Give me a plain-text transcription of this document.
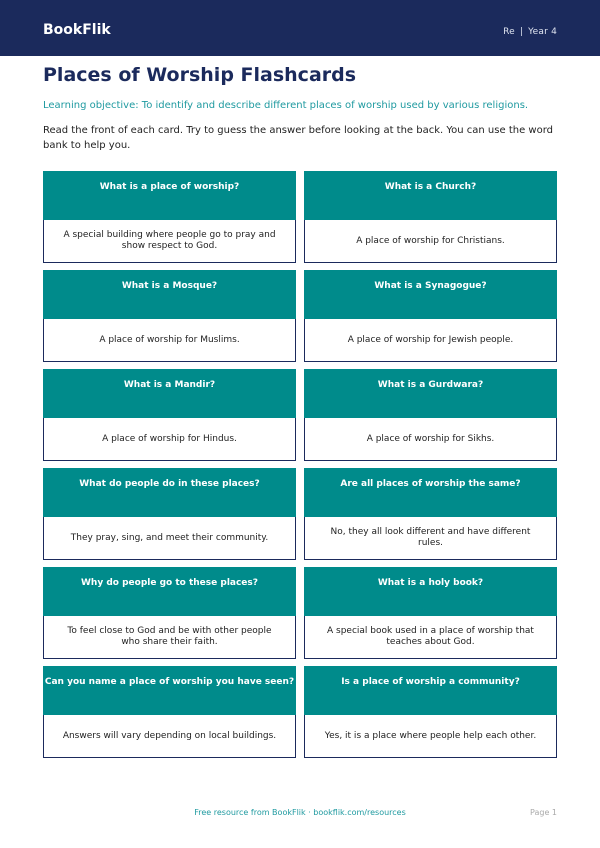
BookFlik	Re | Year 4
Places of Worship Flashcards

Learning objective: To identify and describe different places of worship used by various religions.

Read the front of each card. Try to guess the answer before looking at the back. You can use the word bank to help you.

What is a place of worship?
A special building where people go to pray and show respect to God.
What is a Church?
A place of worship for Christians.
What is a Mosque?
A place of worship for Muslims.
What is a Synagogue?
A place of worship for Jewish people.
What is a Mandir?
A place of worship for Hindus.
What is a Gurdwara?
A place of worship for Sikhs.
What do people do in these places?
They pray, sing, and meet their community.
Are all places of worship the same?
No, they all look different and have different rules.
Why do people go to these places?
To feel close to God and be with other people who share their faith.
What is a holy book?
A special book used in a place of worship that teaches about God.
Can you name a place of worship you have seen?
Answers will vary depending on local buildings.
Is a place of worship a community?
Yes, it is a place where people help each other.
Free resource from BookFlik · bookflik.com/resources	Page 1
